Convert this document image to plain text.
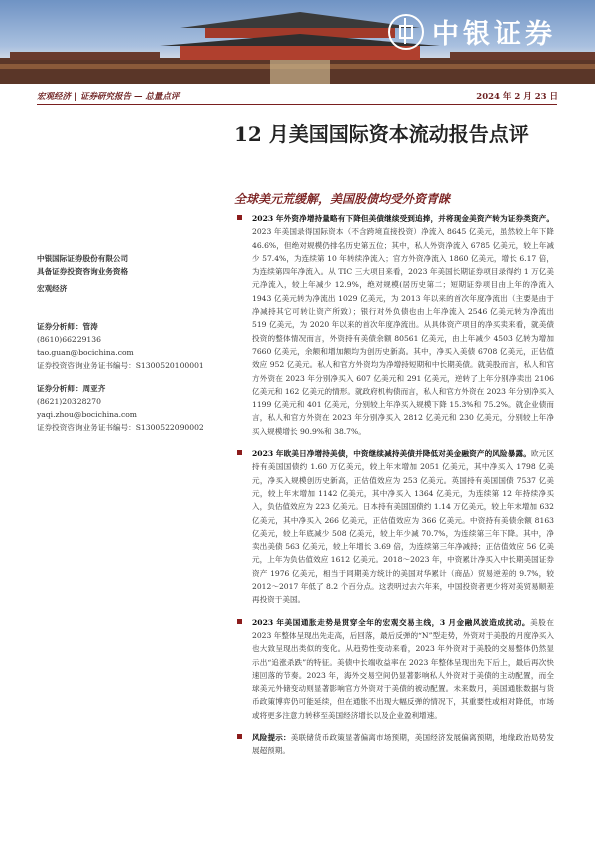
中银证券
宏观经济 | 证券研究报告 — 总量点评	2024 年 2 月 23 日
12 月美国国际资本流动报告点评
全球美元荒缓解，美国股债均受外资青睐
中银国际证券股份有限公司
具备证券投资咨询业务资格
宏观经济
证券分析师：管涛
(8610)66229136
tao.guan@bocichina.com
证券投资咨询业务证书编号：S1300520100001
证券分析师：周亚齐
(8621)20328270
yaqi.zhou@bocichina.com
证券投资咨询业务证书编号：S1300522090002

2023 年外资净增持量略有下降但美债继续受到追捧，并将现金美资产转为证券类资产。2023 年美国录得国际资本（不含跨境直接投资）净流入 8645 亿美元，虽然较上年下降 46.6%，但绝对规模仍排名历史第五位；其中，私人外资净流入 6785 亿美元，较上年减少 57.4%，为连续第 10 年转续净流入；官方外资净流入 1860 亿美元，增长 6.17 倍，为连续第四年净流入。从 TIC 三大项目来看，2023 年美国长期证券项目录得约 1 万亿美元净流入，较上年减少 12.9%，绝对规模(居历史第二；短期证券项目由上年的净流入 1943 亿美元转为净流出 1029 亿美元，为 2013 年以来的首次年度净流出（主要是由于净减持其它可转让资产所致）；银行对外负债也由上年净流入 2546 亿美元转为净流出 519 亿美元，为 2020 年以来的首次年度净流出。从具体资产项目的净买卖来看，就美债投资的整体情况而言，外资持有美债余额 80561 亿美元，由上年减少 4503 亿转为增加 7660 亿美元，余额和增加额均为创历史新高。其中，净买入美债 6708 亿美元，正估值效应 952 亿美元。私人和官方外资均为净增持短期和中长期美债。就美股而言，私人和官方外资在 2023 年分别净买入 607 亿美元和 291 亿美元，逆转了上年分别净卖出 2106 亿美元和 162 亿美元的情形。就政府机构债而言，私人和官方外资在 2023 年分别净买入 1199 亿美元和 401 亿美元，分别较上年净买入规模下降 15.3%和 75.2%。就企业债而言，私人和官方外资在 2023 年分别净买入 2812 亿美元和 230 亿美元，分别较上年净买入规模增长 90.9%和 38.7%。

2023 年欧美日净增持美债，中资继续减持美债并降低对美金融资产的风险暴露。欧元区持有美国国债约 1.60 万亿美元，较上年末增加 2051 亿美元，其中净买入 1798 亿美元，净买入规模创历史新高，正估值效应为 253 亿美元。英国持有美国国债 7537 亿美元，较上年末增加 1142 亿美元，其中净买入 1364 亿美元，为连续第 12 年持续净买入，负估值效应为 223 亿美元。日本持有美国国债约 1.14 万亿美元，较上年末增加 632 亿美元，其中净买入 266 亿美元，正估值效应为 366 亿美元。中资持有美债余额 8163 亿美元，较上年底减少 508 亿美元，较上年少减 70.7%，为连续第三年下降。其中，净卖出美债 563 亿美元，较上年增长 3.69 倍，为连续第三年净减持；正估值效应 56 亿美元，上年为负估值效应 1612 亿美元。2018～2023 年，中资累计净买入中长期美国证券资产 1976 亿美元，相当于同期美方统计的美国对华累计（商品）贸易逆差的 9.7%，较 2012～2017 年低了 8.2 个百分点。这表明过去六年来，中国投资者更少将对美贸易顺差再投资于美国。

2023 年美国通胀走势是贯穿全年的宏观交易主线，3 月金融风波造成扰动。美股在 2023 年整体呈现出先走高，后回落，最后反弹的“N”型走势，外资对于美股的月度净买入也大致呈现出类似的变化。从趋势性变动来看，2023 年外资对于美股的交易整体仍然显示出“追涨杀跌”的特征。美债中长端收益率在 2023 年整体呈现出先下后上，最后再次快速回落的节奏。2023 年，海外交易空间仍显著影响私人外资对于美债的主动配置，而全球美元外储变动则显著影响官方外资对于美债的被动配置。未来数月，美国通胀数据与货币政策博弈仍可能延续，但在通胀不出现大幅反弹的情况下，其重要性或相对降低，市场或将更多注意力转移至美国经济增长以及企业盈利增速。

风险提示：美联储货币政策显著偏离市场预期，美国经济发展偏离预期，地缘政治局势发展超预期。
